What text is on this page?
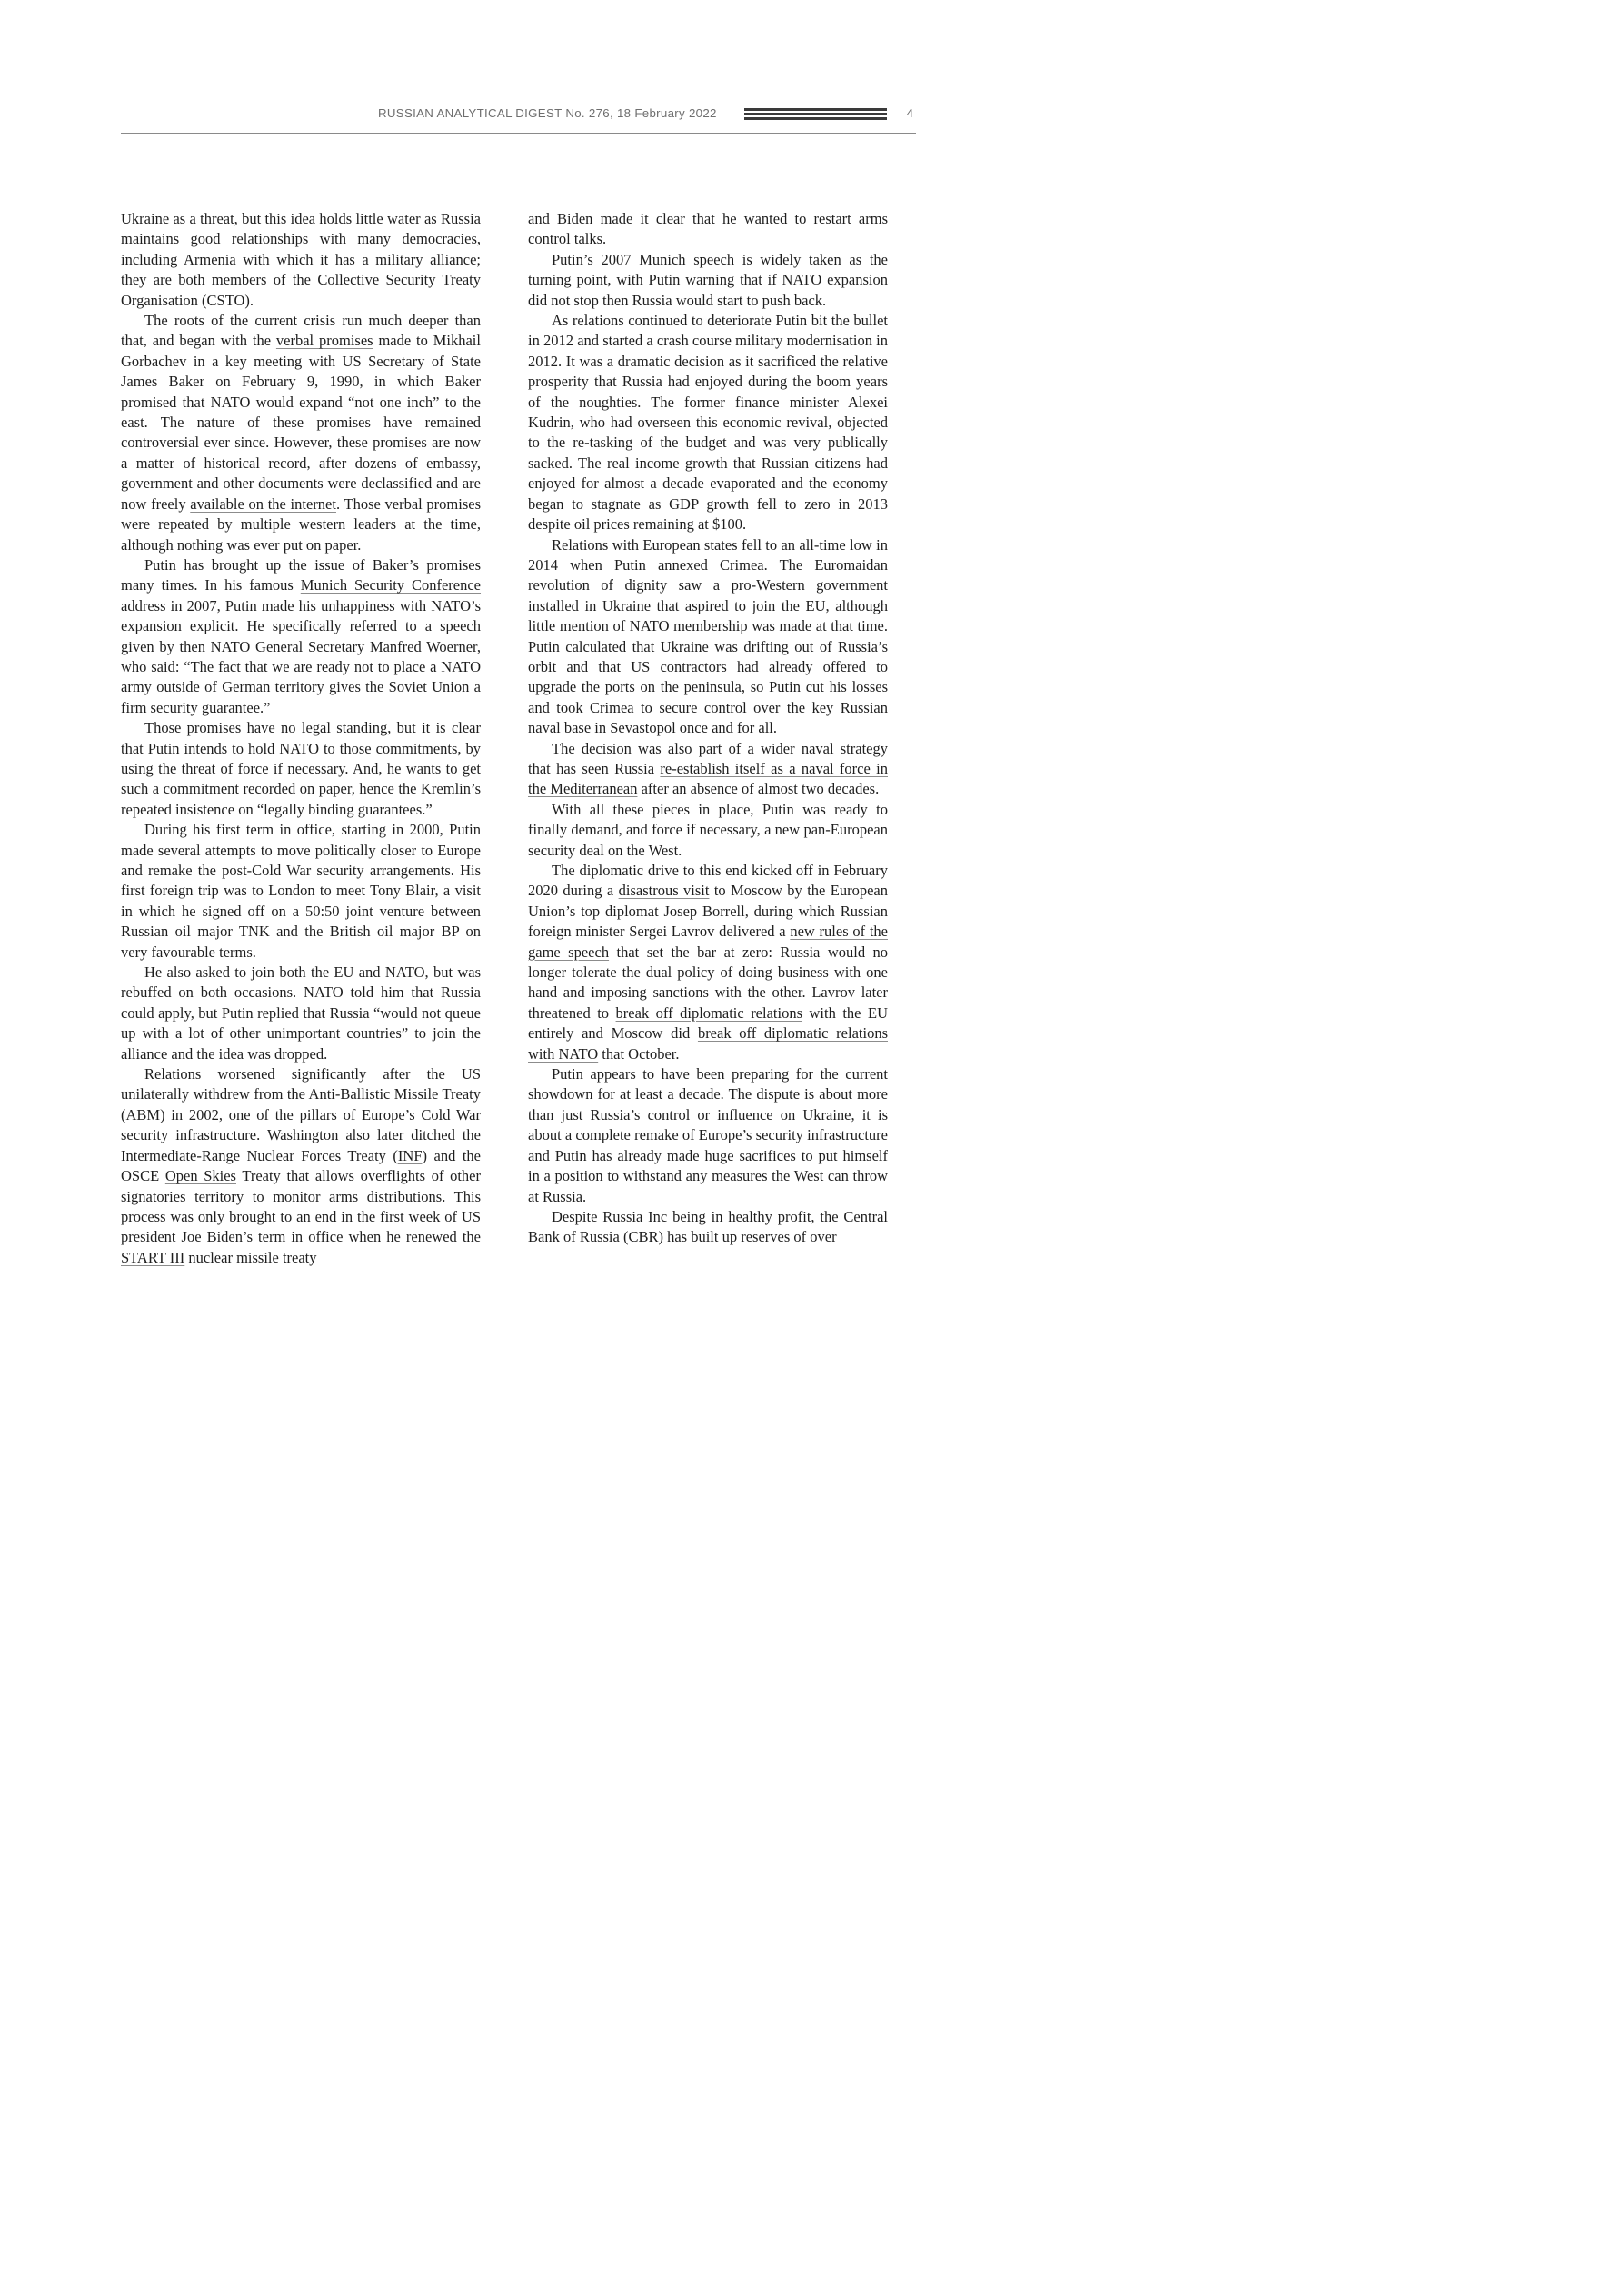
RUSSIAN ANALYTICAL DIGEST No. 276, 18 February 2022	4

Ukraine as a threat, but this idea holds little water as Russia maintains good relationships with many democracies, including Armenia with which it has a military alliance; they are both members of the Collective Security Treaty Organisation (CSTO).

The roots of the current crisis run much deeper than that, and began with the verbal promises made to Mikhail Gorbachev in a key meeting with US Secretary of State James Baker on February 9, 1990, in which Baker promised that NATO would expand “not one inch” to the east. The nature of these promises have remained controversial ever since. However, these promises are now a matter of historical record, after dozens of embassy, government and other documents were declassified and are now freely available on the internet. Those verbal promises were repeated by multiple western leaders at the time, although nothing was ever put on paper.

Putin has brought up the issue of Baker’s promises many times. In his famous Munich Security Conference address in 2007, Putin made his unhappiness with NATO’s expansion explicit. He specifically referred to a speech given by then NATO General Secretary Manfred Woerner, who said: “The fact that we are ready not to place a NATO army outside of German territory gives the Soviet Union a firm security guarantee.”

Those promises have no legal standing, but it is clear that Putin intends to hold NATO to those commitments, by using the threat of force if necessary. And, he wants to get such a commitment recorded on paper, hence the Kremlin’s repeated insistence on “legally binding guarantees.”

During his first term in office, starting in 2000, Putin made several attempts to move politically closer to Europe and remake the post-Cold War security arrangements. His first foreign trip was to London to meet Tony Blair, a visit in which he signed off on a 50:50 joint venture between Russian oil major TNK and the British oil major BP on very favourable terms.

He also asked to join both the EU and NATO, but was rebuffed on both occasions. NATO told him that Russia could apply, but Putin replied that Russia “would not queue up with a lot of other unimportant countries” to join the alliance and the idea was dropped.

Relations worsened significantly after the US unilaterally withdrew from the Anti-Ballistic Missile Treaty (ABM) in 2002, one of the pillars of Europe’s Cold War security infrastructure. Washington also later ditched the Intermediate-Range Nuclear Forces Treaty (INF) and the OSCE Open Skies Treaty that allows overflights of other signatories territory to monitor arms distributions. This process was only brought to an end in the first week of US president Joe Biden’s term in office when he renewed the START III nuclear missile treaty

and Biden made it clear that he wanted to restart arms control talks.

Putin’s 2007 Munich speech is widely taken as the turning point, with Putin warning that if NATO expansion did not stop then Russia would start to push back.

As relations continued to deteriorate Putin bit the bullet in 2012 and started a crash course military modernisation in 2012. It was a dramatic decision as it sacrificed the relative prosperity that Russia had enjoyed during the boom years of the noughties. The former finance minister Alexei Kudrin, who had overseen this economic revival, objected to the re-tasking of the budget and was very publically sacked. The real income growth that Russian citizens had enjoyed for almost a decade evaporated and the economy began to stagnate as GDP growth fell to zero in 2013 despite oil prices remaining at $100.

Relations with European states fell to an all-time low in 2014 when Putin annexed Crimea. The Euromaidan revolution of dignity saw a pro-Western government installed in Ukraine that aspired to join the EU, although little mention of NATO membership was made at that time. Putin calculated that Ukraine was drifting out of Russia’s orbit and that US contractors had already offered to upgrade the ports on the peninsula, so Putin cut his losses and took Crimea to secure control over the key Russian naval base in Sevastopol once and for all.

The decision was also part of a wider naval strategy that has seen Russia re-establish itself as a naval force in the Mediterranean after an absence of almost two decades.

With all these pieces in place, Putin was ready to finally demand, and force if necessary, a new pan-European security deal on the West.

The diplomatic drive to this end kicked off in February 2020 during a disastrous visit to Moscow by the European Union’s top diplomat Josep Borrell, during which Russian foreign minister Sergei Lavrov delivered a new rules of the game speech that set the bar at zero: Russia would no longer tolerate the dual policy of doing business with one hand and imposing sanctions with the other. Lavrov later threatened to break off diplomatic relations with the EU entirely and Moscow did break off diplomatic relations with NATO that October.

Putin appears to have been preparing for the current showdown for at least a decade. The dispute is about more than just Russia’s control or influence on Ukraine, it is about a complete remake of Europe’s security infrastructure and Putin has already made huge sacrifices to put himself in a position to withstand any measures the West can throw at Russia.

Despite Russia Inc being in healthy profit, the Central Bank of Russia (CBR) has built up reserves of over
